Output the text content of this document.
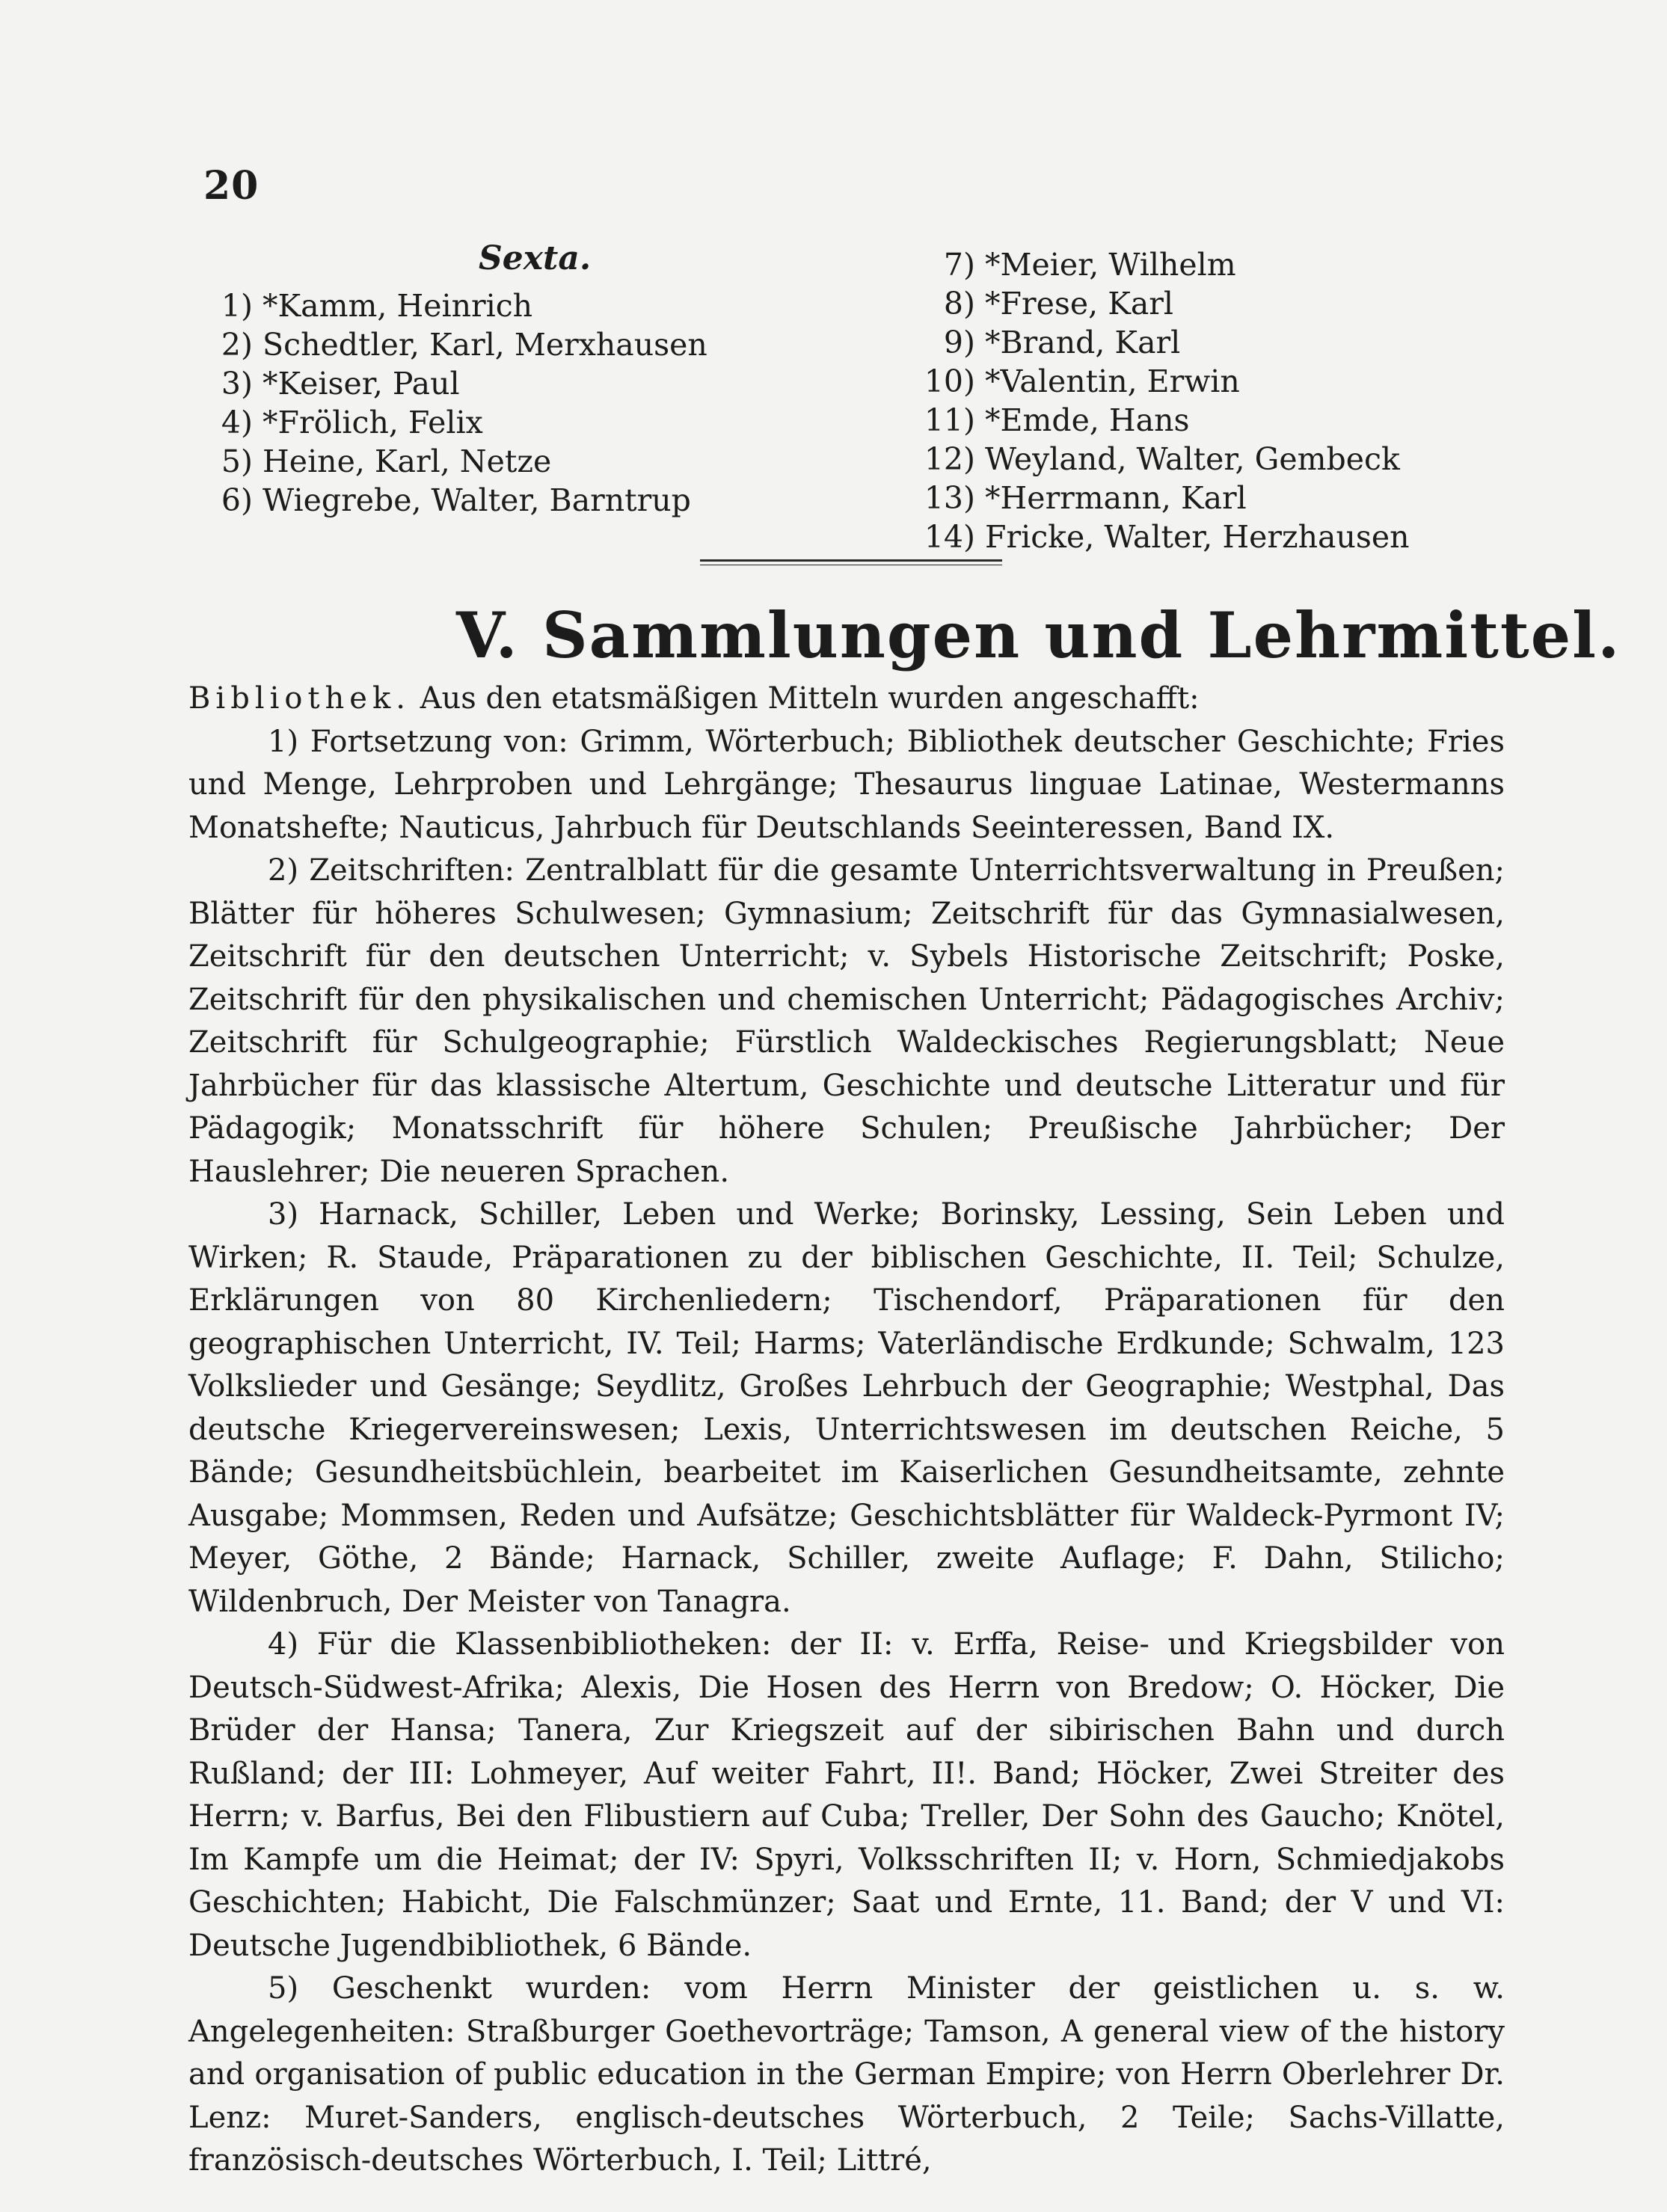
20
Sexta.
1) *Kamm, Heinrich
2) Schedtler, Karl, Merxhausen
3) *Keiser, Paul
4) *Frölich, Felix
5) Heine, Karl, Netze
6) Wiegrebe, Walter, Barntrup
7) *Meier, Wilhelm
8) *Frese, Karl
9) *Brand, Karl
10) *Valentin, Erwin
11) *Emde, Hans
12) Weyland, Walter, Gembeck
13) *Herrmann, Karl
14) Fricke, Walter, Herzhausen
V. Sammlungen und Lehrmittel.

Bibliothek. Aus den etatsmäßigen Mitteln wurden angeschafft:

1) Fortsetzung von: Grimm, Wörterbuch; Bibliothek deutscher Geschichte; Fries und Menge, Lehrproben und Lehrgänge; Thesaurus linguae Latinae, Westermanns Monatshefte; Nauticus, Jahrbuch für Deutschlands Seeinteressen, Band IX.

2) Zeitschriften: Zentralblatt für die gesamte Unterrichtsverwaltung in Preußen; Blätter für höheres Schulwesen; Gymnasium; Zeitschrift für das Gymnasialwesen, Zeitschrift für den deutschen Unterricht; v. Sybels Historische Zeitschrift; Poske, Zeitschrift für den physikalischen und chemischen Unterricht; Pädagogisches Archiv; Zeitschrift für Schulgeographie; Fürstlich Waldeckisches Regierungsblatt; Neue Jahrbücher für das klassische Altertum, Geschichte und deutsche Litteratur und für Pädagogik; Monatsschrift für höhere Schulen; Preußische Jahrbücher; Der Hauslehrer; Die neueren Sprachen.

3) Harnack, Schiller, Leben und Werke; Borinsky, Lessing, Sein Leben und Wirken; R. Staude, Präparationen zu der biblischen Geschichte, II. Teil; Schulze, Erklärungen von 80 Kirchenliedern; Tischendorf, Präparationen für den geographischen Unterricht, IV. Teil; Harms; Vaterländische Erdkunde; Schwalm, 123 Volkslieder und Gesänge; Seydlitz, Großes Lehrbuch der Geographie; Westphal, Das deutsche Kriegervereinswesen; Lexis, Unterrichtswesen im deutschen Reiche, 5 Bände; Gesundheitsbüchlein, bearbeitet im Kaiserlichen Gesundheitsamte, zehnte Ausgabe; Mommsen, Reden und Aufsätze; Geschichtsblätter für Waldeck-Pyrmont IV; Meyer, Göthe, 2 Bände; Harnack, Schiller, zweite Auflage; F. Dahn, Stilicho; Wildenbruch, Der Meister von Tanagra.

4) Für die Klassenbibliotheken: der II: v. Erffa, Reise- und Kriegsbilder von Deutsch-Südwest-Afrika; Alexis, Die Hosen des Herrn von Bredow; O. Höcker, Die Brüder der Hansa; Tanera, Zur Kriegszeit auf der sibirischen Bahn und durch Rußland; der III: Lohmeyer, Auf weiter Fahrt, II!. Band; Höcker, Zwei Streiter des Herrn; v. Barfus, Bei den Flibustiern auf Cuba; Treller, Der Sohn des Gaucho; Knötel, Im Kampfe um die Heimat; der IV: Spyri, Volksschriften II; v. Horn, Schmiedjakobs Geschichten; Habicht, Die Falschmünzer; Saat und Ernte, 11. Band; der V und VI: Deutsche Jugendbibliothek, 6 Bände.

5) Geschenkt wurden: vom Herrn Minister der geistlichen u. s. w. Angelegenheiten: Straßburger Goethevorträge; Tamson, A general view of the history and organisation of public education in the German Empire; von Herrn Oberlehrer Dr. Lenz: Muret-Sanders, englisch-deutsches Wörterbuch, 2 Teile; Sachs-Villatte, französisch-deutsches Wörterbuch, I. Teil; Littré,
